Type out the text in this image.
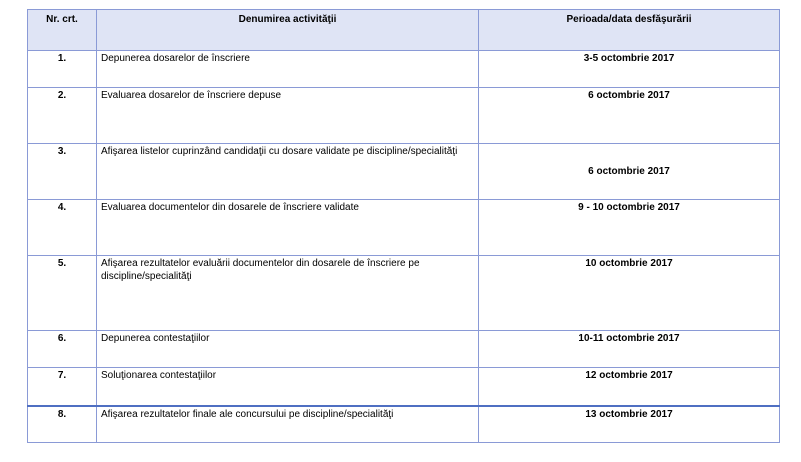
Nr. crt.	Denumirea activităţii	Perioada/data desfăşurării
1.	Depunerea dosarelor de înscriere	3-5 octombrie 2017
2.	Evaluarea dosarelor de înscriere depuse	6 octombrie 2017
3.	Afişarea listelor cuprinzând candidaţii cu dosare validate pe discipline/specialităţi	6 octombrie 2017
4.	Evaluarea documentelor din dosarele de înscriere validate	9 - 10 octombrie 2017
5.	Afişarea rezultatelor evaluării documentelor din dosarele de înscriere pe discipline/specialităţi	10 octombrie 2017
6.	Depunerea contestaţiilor	10-11 octombrie 2017
7.	Soluţionarea contestaţiilor	12 octombrie 2017
8.	Afişarea rezultatelor finale ale concursului pe discipline/specialităţi	13 octombrie 2017
